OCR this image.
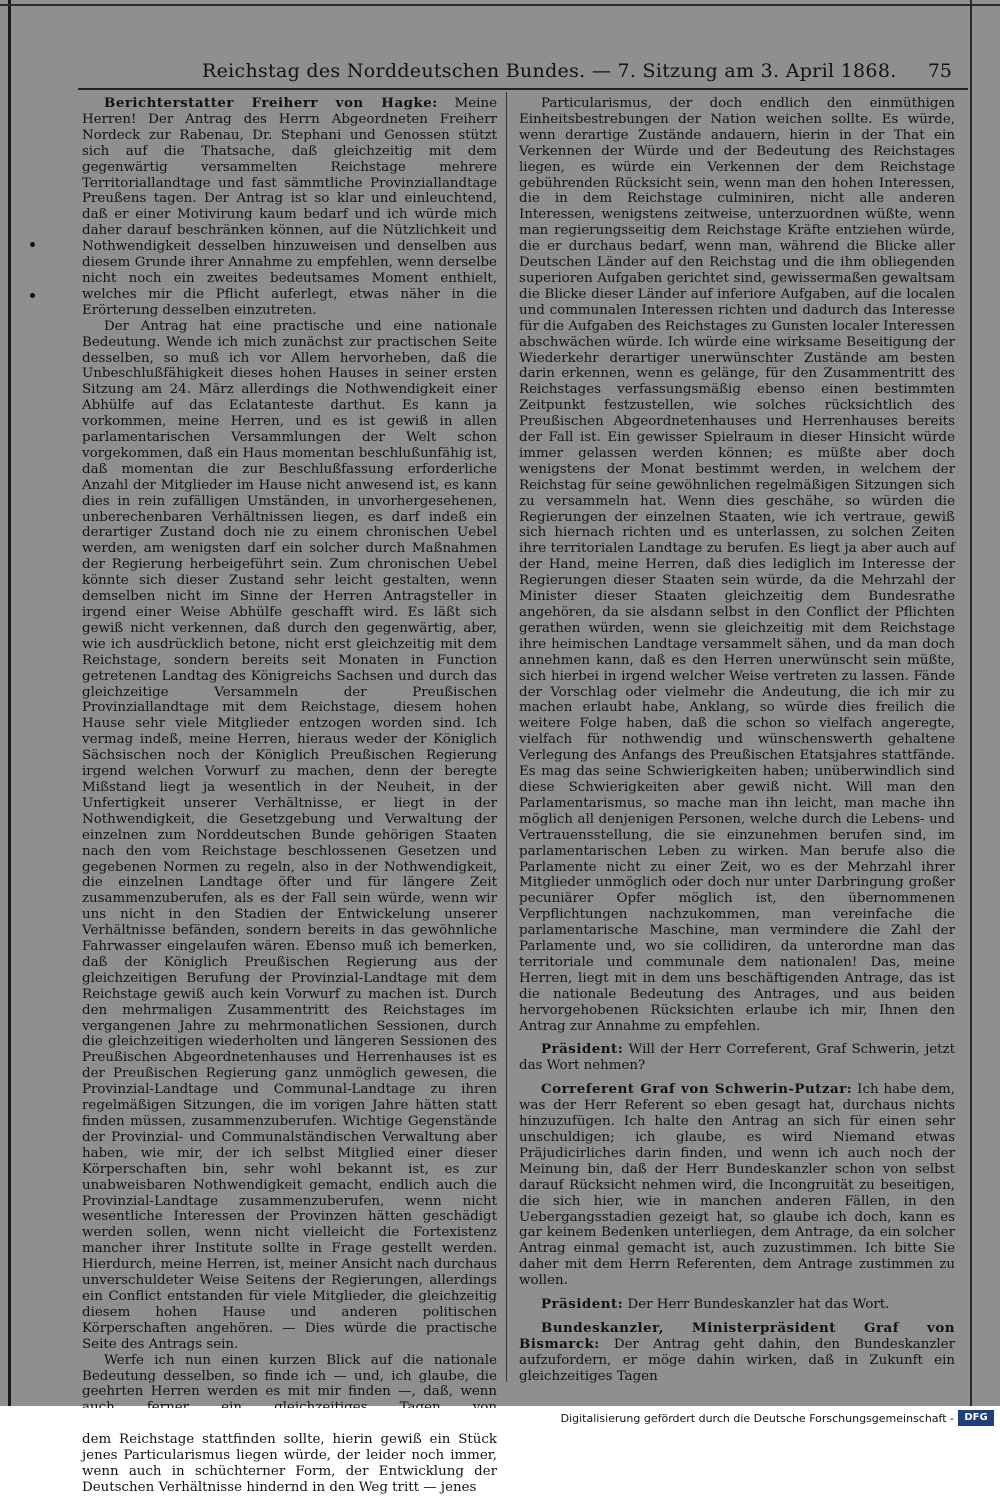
Reichstag des Norddeutschen Bundes. — 7. Sitzung am 3. April 1868. 75

Berichterstatter Freiherr von Hagke: Meine Herren! Der Antrag des Herrn Abgeordneten Freiherr Nordeck zur Rabenau, Dr. Stephani und Genossen stützt sich auf die Thatsache, daß gleichzeitig mit dem gegenwärtig versammelten Reichstage mehrere Territoriallandtage und fast sämmtliche Provinziallandtage Preußens tagen. Der Antrag ist so klar und einleuchtend, daß er einer Motivirung kaum bedarf und ich würde mich daher darauf beschränken können, auf die Nützlichkeit und Nothwendigkeit desselben hinzuweisen und denselben aus diesem Grunde ihrer Annahme zu empfehlen, wenn derselbe nicht noch ein zweites bedeutsames Moment enthielt, welches mir die Pflicht auferlegt, etwas näher in die Erörterung desselben einzutreten.

Der Antrag hat eine practische und eine nationale Bedeutung. Wende ich mich zunächst zur practischen Seite desselben, so muß ich vor Allem hervorheben, daß die Unbeschlußfähigkeit dieses hohen Hauses in seiner ersten Sitzung am 24. März allerdings die Nothwendigkeit einer Abhülfe auf das Eclatanteste darthut. Es kann ja vorkommen, meine Herren, und es ist gewiß in allen parlamentarischen Versammlungen der Welt schon vorgekommen, daß ein Haus momentan beschlußunfähig ist, daß momentan die zur Beschlußfassung erforderliche Anzahl der Mitglieder im Hause nicht anwesend ist, es kann dies in rein zufälligen Umständen, in unvorhergesehenen, unberechenbaren Verhältnissen liegen, es darf indeß ein derartiger Zustand doch nie zu einem chronischen Uebel werden, am wenigsten darf ein solcher durch Maßnahmen der Regierung herbeigeführt sein. Zum chronischen Uebel könnte sich dieser Zustand sehr leicht gestalten, wenn demselben nicht im Sinne der Herren Antragsteller in irgend einer Weise Abhülfe geschafft wird. Es läßt sich gewiß nicht verkennen, daß durch den gegenwärtig, aber, wie ich ausdrücklich betone, nicht erst gleichzeitig mit dem Reichstage, sondern bereits seit Monaten in Function getretenen Landtag des Königreichs Sachsen und durch das gleichzeitige Versammeln der Preußischen Provinziallandtage mit dem Reichstage, diesem hohen Hause sehr viele Mitglieder entzogen worden sind. Ich vermag indeß, meine Herren, hieraus weder der Königlich Sächsischen noch der Königlich Preußischen Regierung irgend welchen Vorwurf zu machen, denn der beregte Mißstand liegt ja wesentlich in der Neuheit, in der Unfertigkeit unserer Verhältnisse, er liegt in der Nothwendigkeit, die Gesetzgebung und Verwaltung der einzelnen zum Norddeutschen Bunde gehörigen Staaten nach den vom Reichstage beschlossenen Gesetzen und gegebenen Normen zu regeln, also in der Nothwendigkeit, die einzelnen Landtage öfter und für längere Zeit zusammenzuberufen, als es der Fall sein würde, wenn wir uns nicht in den Stadien der Entwickelung unserer Verhältnisse befänden, sondern bereits in das gewöhnliche Fahrwasser eingelaufen wären. Ebenso muß ich bemerken, daß der Königlich Preußischen Regierung aus der gleichzeitigen Berufung der Provinzial-Landtage mit dem Reichstage gewiß auch kein Vorwurf zu machen ist. Durch den mehrmaligen Zusammentritt des Reichstages im vergangenen Jahre zu mehrmonatlichen Sessionen, durch die gleichzeitigen wiederholten und längeren Sessionen des Preußischen Abgeordnetenhauses und Herrenhauses ist es der Preußischen Regierung ganz unmöglich gewesen, die Provinzial-Landtage und Communal-Landtage zu ihren regelmäßigen Sitzungen, die im vorigen Jahre hätten statt finden müssen, zusammenzuberufen. Wichtige Gegenstände der Provinzial- und Communalständischen Verwaltung aber haben, wie mir, der ich selbst Mitglied einer dieser Körperschaften bin, sehr wohl bekannt ist, es zur unabweisbaren Nothwendigkeit gemacht, endlich auch die Provinzial-Landtage zusammenzuberufen, wenn nicht wesentliche Interessen der Provinzen hätten geschädigt werden sollen, wenn nicht vielleicht die Fortexistenz mancher ihrer Institute sollte in Frage gestellt werden. Hierdurch, meine Herren, ist, meiner Ansicht nach durchaus unverschuldeter Weise Seitens der Regierungen, allerdings ein Conflict entstanden für viele Mitglieder, die gleichzeitig diesem hohen Hause und anderen politischen Körperschaften angehören. — Dies würde die practische Seite des Antrags sein.

Werfe ich nun einen kurzen Blick auf die nationale Bedeutung desselben, so finde ich — und, ich glaube, die geehrten Herren werden es mit mir finden —, daß, wenn dem Reichstage stattfinden sollte, hierin gewiß ein Stück jenes Particularismus liegen würde, der leider noch immer, wenn auch in schüchterner Form, der Entwicklung der Deutschen Verhältnisse hindernd in den Weg tritt — jenes

Particularismus, der doch endlich den einmüthigen Einheitsbestrebungen der Nation weichen sollte. Es würde, wenn derartige Zustände andauern, hierin in der That ein Verkennen der Würde und der Bedeutung des Reichstages liegen, es würde ein Verkennen der dem Reichstage gebührenden Rücksicht sein, wenn man den hohen Interessen, die in dem Reichstage culminiren, nicht alle anderen Interessen, wenigstens zeitweise, unterzuordnen wüßte, wenn man regierungsseitig dem Reichstage Kräfte entziehen würde, die er durchaus bedarf, wenn man, während die Blicke aller Deutschen Länder auf den Reichstag und die ihm obliegenden superioren Aufgaben gerichtet sind, gewissermaßen gewaltsam die Blicke dieser Länder auf inferiore Aufgaben, auf die localen und communalen Interessen richten und dadurch das Interesse für die Aufgaben des Reichstages zu Gunsten localer Interessen abschwächen würde. Ich würde eine wirksame Beseitigung der Wiederkehr derartiger unerwünschter Zustände am besten darin erkennen, wenn es gelänge, für den Zusammentritt des Reichstages verfassungsmäßig ebenso einen bestimmten Zeitpunkt festzustellen, wie solches rücksichtlich des Preußischen Abgeordnetenhauses und Herrenhauses bereits der Fall ist. Ein gewisser Spielraum in dieser Hinsicht würde immer gelassen werden können; es müßte aber doch wenigstens der Monat bestimmt werden, in welchem der Reichstag für seine gewöhnlichen regelmäßigen Sitzungen sich zu versammeln hat. Wenn dies geschähe, so würden die Regierungen der einzelnen Staaten, wie ich vertraue, gewiß sich hiernach richten und es unterlassen, zu solchen Zeiten ihre territorialen Landtage zu berufen. Es liegt ja aber auch auf der Hand, meine Herren, daß dies lediglich im Interesse der Regierungen dieser Staaten sein würde, da die Mehrzahl der Minister dieser Staaten gleichzeitig dem Bundesrathe angehören, da sie alsdann selbst in den Conflict der Pflichten gerathen würden, wenn sie gleichzeitig mit dem Reichstage ihre heimischen Landtage versammelt sähen, und da man doch annehmen kann, daß es den Herren unerwünscht sein müßte, sich hierbei in irgend welcher Weise vertreten zu lassen. Fände der Vorschlag oder vielmehr die Andeutung, die ich mir zu machen erlaubt habe, Anklang, so würde dies freilich die weitere Folge haben, daß die schon so vielfach angeregte, vielfach für nothwendig und wünschenswerth gehaltene Verlegung des Anfangs des Preußischen Etatsjahres stattfände. Es mag das seine Schwierigkeiten haben; unüberwindlich sind diese Schwierigkeiten aber gewiß nicht. Will man den Parlamentarismus, so mache man ihn leicht, man mache ihn möglich all denjenigen Personen, welche durch die Lebens- und Vertrauensstellung, die sie einzunehmen berufen sind, im parlamentarischen Leben zu wirken. Man berufe also die Parlamente nicht zu einer Zeit, wo es der Mehrzahl ihrer Mitglieder unmöglich oder doch nur unter Darbringung großer pecuniärer Opfer möglich ist, den übernommenen Verpflichtungen nachzukommen, man vereinfache die parlamentarische Maschine, man verminderе die Zahl der Parlamente und, wo sie collidiren, da unterordne man das territoriale und communale dem nationalen! Das, meine Herren, liegt mit in dem uns beschäftigenden Antrage, das ist die nationale Bedeutung des Antrages, und aus beiden hervorgehobenen Rücksichten erlaube ich mir, Ihnen den Antrag zur Annahme zu empfehlen.

Präsident: Will der Herr Correferent, Graf Schwerin, jetzt das Wort nehmen?

Correferent Graf von Schwerin-Putzar: Ich habe dem, was der Herr Referent so eben gesagt hat, durchaus nichts hinzuzufügen. Ich halte den Antrag an sich für einen sehr unschuldigen; ich glaube, es wird Niemand etwas Präjudicirliches darin finden, und wenn ich auch noch der Meinung bin, daß der Herr Bundeskanzler schon von selbst darauf Rücksicht nehmen wird, die Incongruität zu beseitigen, die sich hier, wie in manchen anderen Fällen, in den Uebergangsstadien gezeigt hat, so glaube ich doch, kann es gar keinem Bedenken unterliegen, dem Antrage, da ein solcher Antrag einmal gemacht ist, auch zuzustimmen. Ich bitte Sie daher mit dem Herrn Referenten, dem Antrage zustimmen zu wollen.

Präsident: Der Herr Bundeskanzler hat das Wort.

Bundeskanzler, Ministerpräsident Graf von Bismarck: Der Antrag geht dahin, den Bundeskanzler aufzufordern, er möge dahin wirken, daß in Zukunft ein gleichzeitiges Tagen

Digitalisierung gefördert durch die Deutsche Forschungsgemeinschaft -	DFG
